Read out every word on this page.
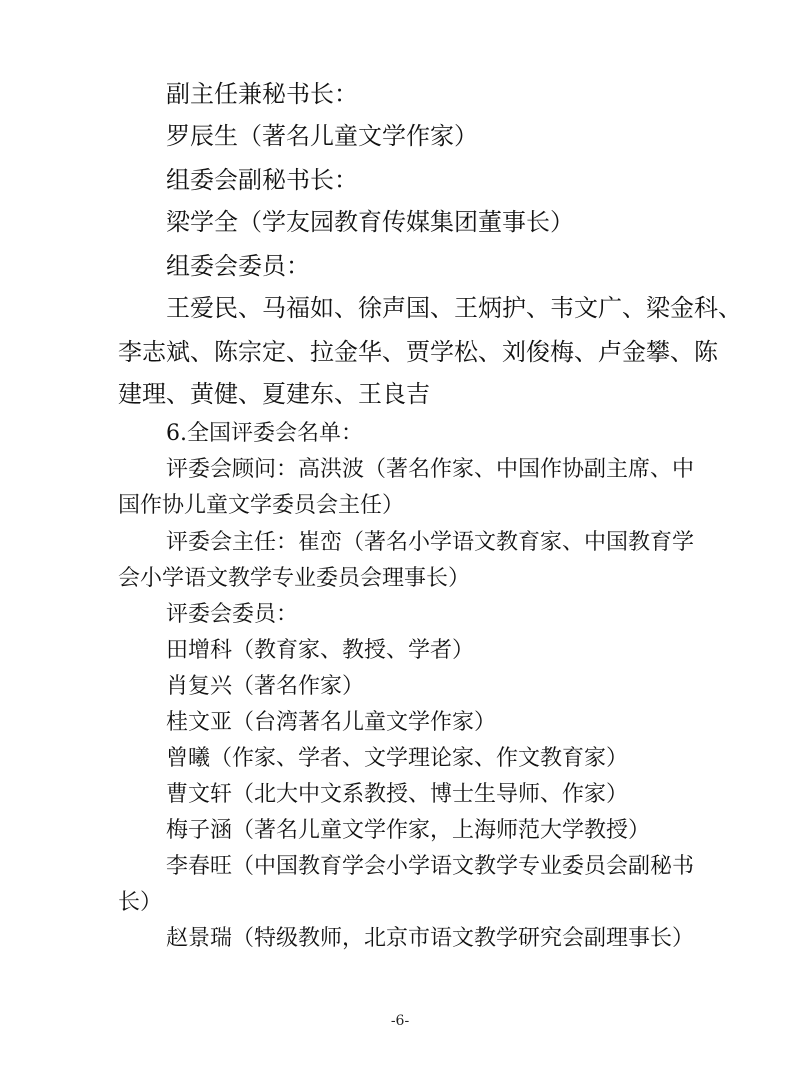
副主任兼秘书长：
罗辰生（著名儿童文学作家）
组委会副秘书长：
梁学全（学友园教育传媒集团董事长）
组委会委员：
王爱民、马福如、徐声国、王炳护、韦文广、梁金科、
李志斌、陈宗定、拉金华、贾学松、刘俊梅、卢金攀、陈
建理、黄健、夏建东、王良吉
6.全国评委会名单：
评委会顾问：高洪波（著名作家、中国作协副主席、中
国作协儿童文学委员会主任）
评委会主任：崔峦（著名小学语文教育家、中国教育学
会小学语文教学专业委员会理事长）
评委会委员：
田增科（教育家、教授、学者）
肖复兴（著名作家）
桂文亚（台湾著名儿童文学作家）
曾曦（作家、学者、文学理论家、作文教育家）
曹文轩（北大中文系教授、博士生导师、作家）
梅子涵（著名儿童文学作家，上海师范大学教授）
李春旺（中国教育学会小学语文教学专业委员会副秘书
长）
赵景瑞（特级教师，北京市语文教学研究会副理事长）
-6-
